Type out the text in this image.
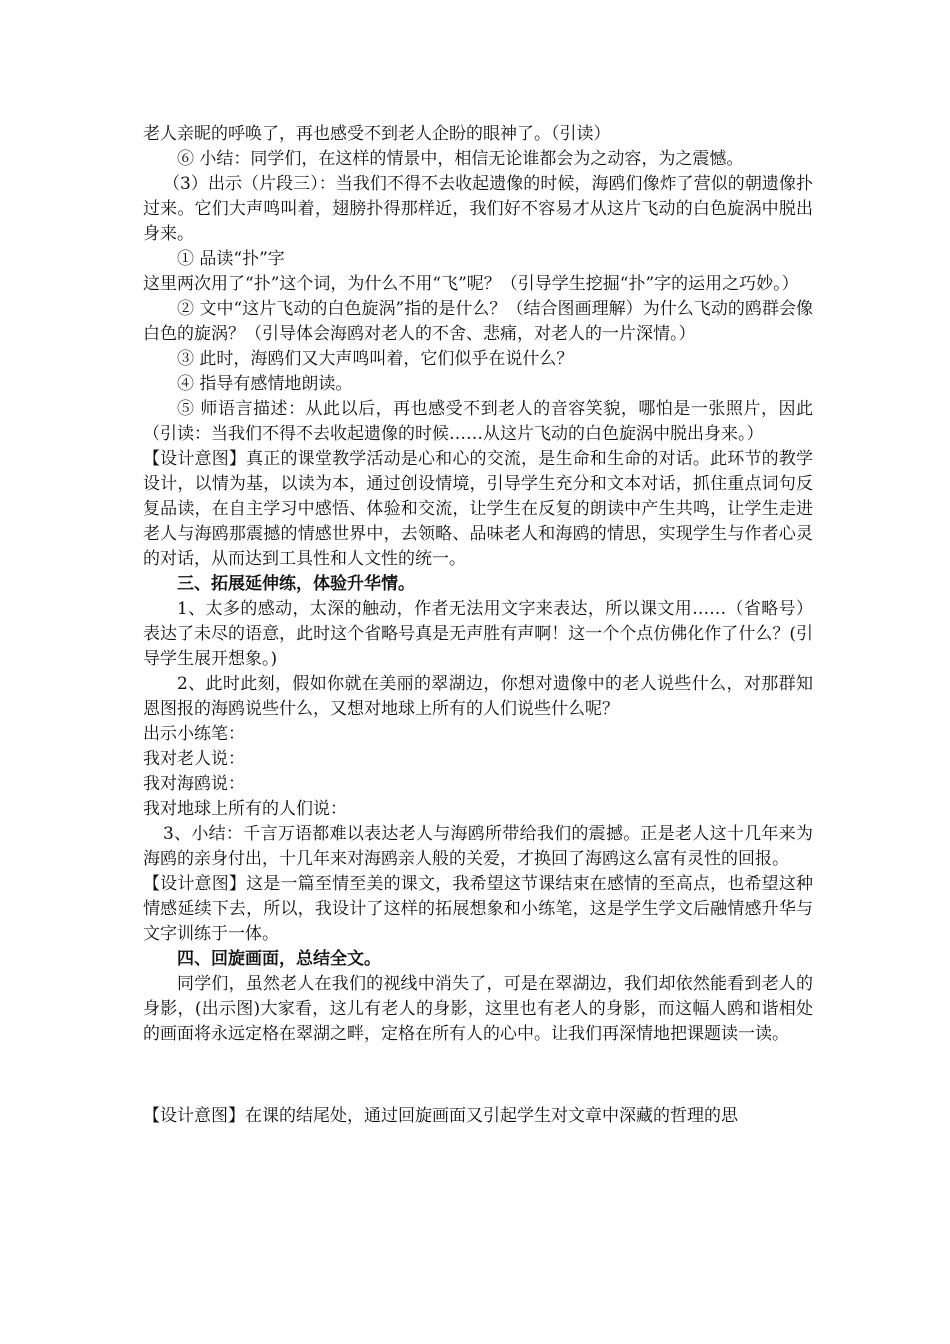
老人亲昵的呼唤了，再也感受不到老人企盼的眼神了。（引读）

⑥ 小结：同学们，在这样的情景中，相信无论谁都会为之动容，为之震憾。

（3）出示（片段三）：当我们不得不去收起遗像的时候，海鸥们像炸了营似的朝遗像扑过来。它们大声鸣叫着，翅膀扑得那样近，我们好不容易才从这片飞动的白色旋涡中脱出身来。

① 品读“扑”字

这里两次用了“扑”这个词，为什么不用“飞”呢？（引导学生挖掘“扑”字的运用之巧妙。）

② 文中“这片飞动的白色旋涡”指的是什么？（结合图画理解）为什么飞动的鸥群会像白色的旋涡？（引导体会海鸥对老人的不舍、悲痛，对老人的一片深情。）

③ 此时，海鸥们又大声鸣叫着，它们似乎在说什么？

④ 指导有感情地朗读。

⑤ 师语言描述：从此以后，再也感受不到老人的音容笑貌，哪怕是一张照片，因此（引读：当我们不得不去收起遗像的时候……从这片飞动的白色旋涡中脱出身来。）

【设计意图】真正的课堂教学活动是心和心的交流，是生命和生命的对话。此环节的教学设计，以情为基，以读为本，通过创设情境，引导学生充分和文本对话，抓住重点词句反复品读，在自主学习中感悟、体验和交流，让学生在反复的朗读中产生共鸣，让学生走进老人与海鸥那震撼的情感世界中，去领略、品味老人和海鸥的情思，实现学生与作者心灵的对话，从而达到工具性和人文性的统一。

三、拓展延伸练，体验升华情。

1、太多的感动，太深的触动，作者无法用文字来表达，所以课文用……（省略号）表达了未尽的语意，此时这个省略号真是无声胜有声啊！这一个个点仿佛化作了什么？(引导学生展开想象。)

2、此时此刻，假如你就在美丽的翠湖边，你想对遗像中的老人说些什么，对那群知恩图报的海鸥说些什么，又想对地球上所有的人们说些什么呢？

出示小练笔：

我对老人说：

我对海鸥说：

我对地球上所有的人们说：

3、小结：千言万语都难以表达老人与海鸥所带给我们的震撼。正是老人这十几年来为海鸥的亲身付出，十几年来对海鸥亲人般的关爱，才换回了海鸥这么富有灵性的回报。

【设计意图】这是一篇至情至美的课文，我希望这节课结束在感情的至高点，也希望这种情感延续下去，所以，我设计了这样的拓展想象和小练笔，这是学生学文后融情感升华与文字训练于一体。

四、回旋画面，总结全文。

同学们，虽然老人在我们的视线中消失了，可是在翠湖边，我们却依然能看到老人的身影，(出示图)大家看，这儿有老人的身影，这里也有老人的身影，而这幅人鸥和谐相处的画面将永远定格在翠湖之畔，定格在所有人的心中。让我们再深情地把课题读一读。

【设计意图】在课的结尾处，通过回旋画面又引起学生对文章中深藏的哲理的思
